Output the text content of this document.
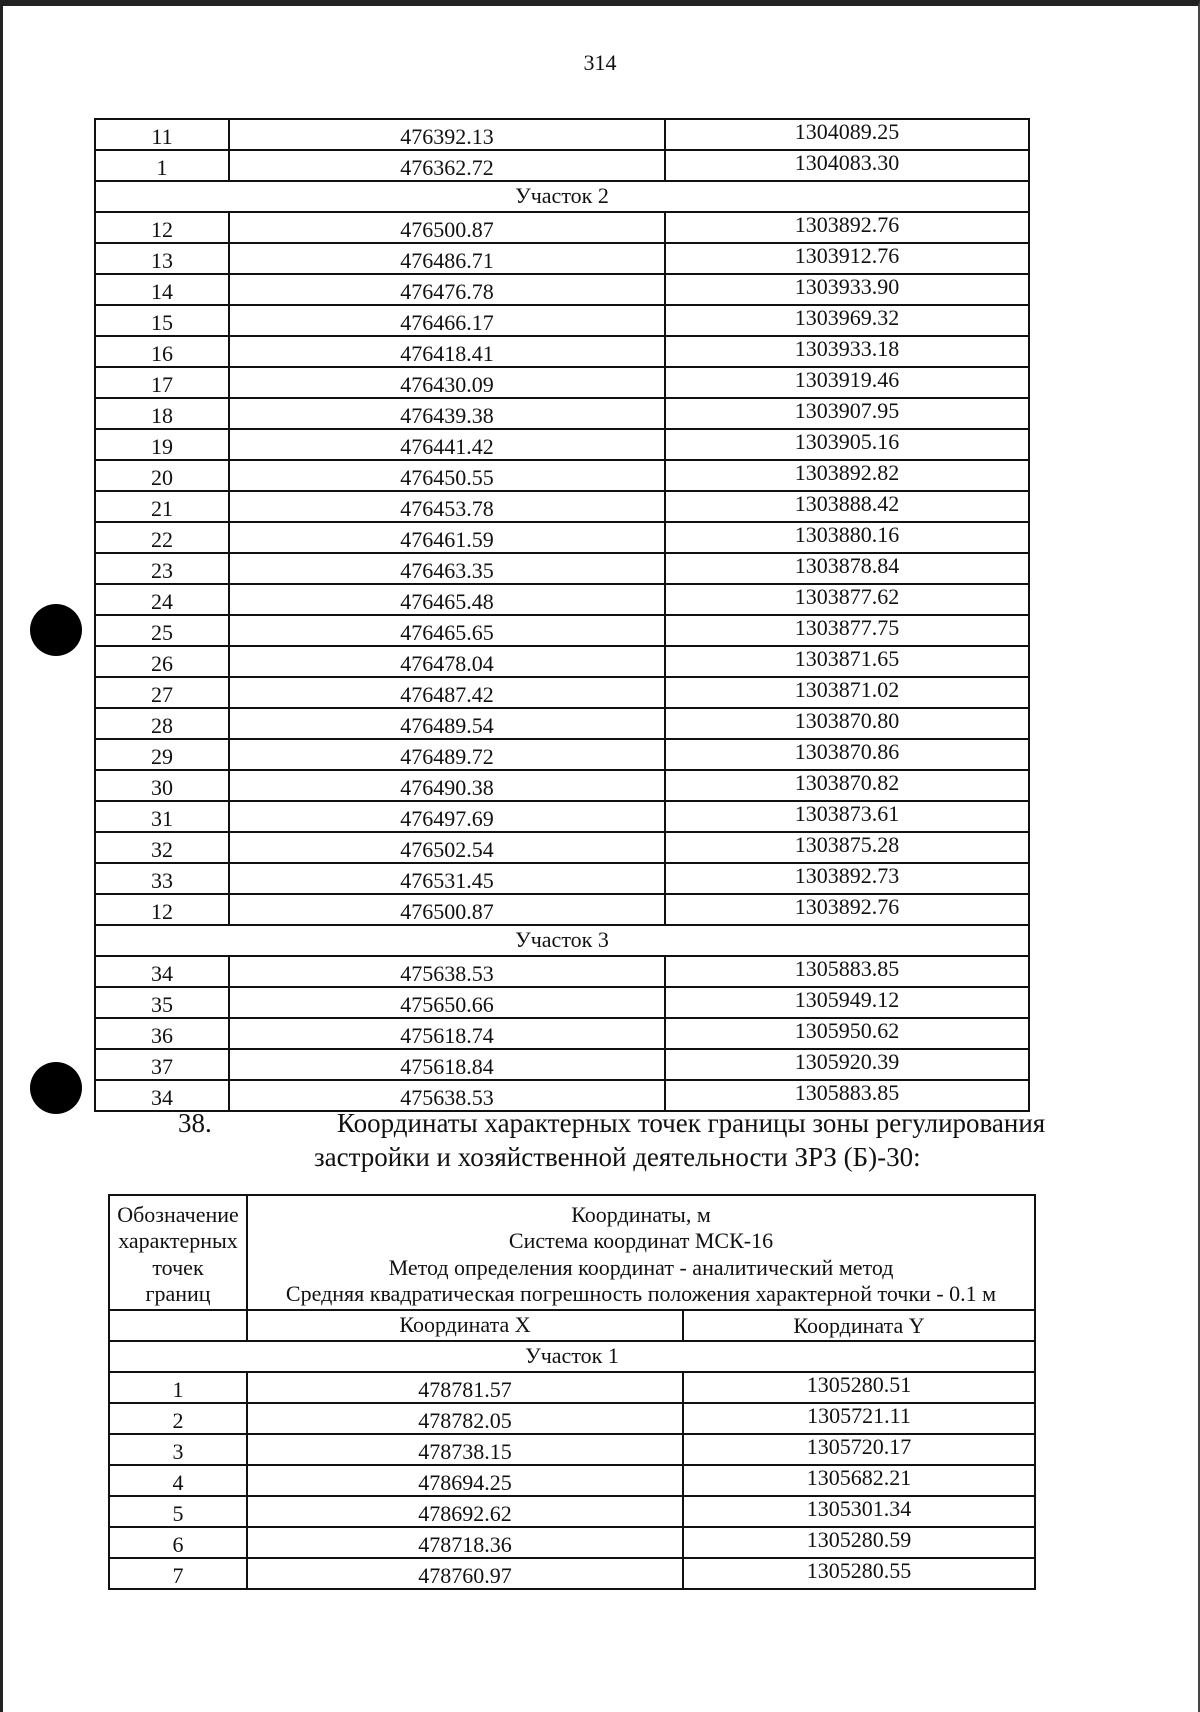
314
11	476392.13	1304089.25
1	476362.72	1304083.30
Участок 2		
12	476500.87	1303892.76
13	476486.71	1303912.76
14	476476.78	1303933.90
15	476466.17	1303969.32
16	476418.41	1303933.18
17	476430.09	1303919.46
18	476439.38	1303907.95
19	476441.42	1303905.16
20	476450.55	1303892.82
21	476453.78	1303888.42
22	476461.59	1303880.16
23	476463.35	1303878.84
24	476465.48	1303877.62
25	476465.65	1303877.75
26	476478.04	1303871.65
27	476487.42	1303871.02
28	476489.54	1303870.80
29	476489.72	1303870.86
30	476490.38	1303870.82
31	476497.69	1303873.61
32	476502.54	1303875.28
33	476531.45	1303892.73
12	476500.87	1303892.76
Участок 3		
34	475638.53	1305883.85
35	475650.66	1305949.12
36	475618.74	1305950.62
37	475618.84	1305920.39
34	475638.53	1305883.85
38.	Координаты характерных точек границы зоны регулирования
застройки и хозяйственной деятельности ЗРЗ (Б)-30:
Обозначение
характерных
точек
границ	Координаты, м
Система координат МСК-16
Метод определения координат - аналитический метод
Средняя квадратическая погрешность положения характерной точки - 0.1 м	

	Координата X	Координата Y
Участок 1		
1	478781.57	1305280.51
2	478782.05	1305721.11
3	478738.15	1305720.17
4	478694.25	1305682.21
5	478692.62	1305301.34
6	478718.36	1305280.59
7	478760.97	1305280.55
